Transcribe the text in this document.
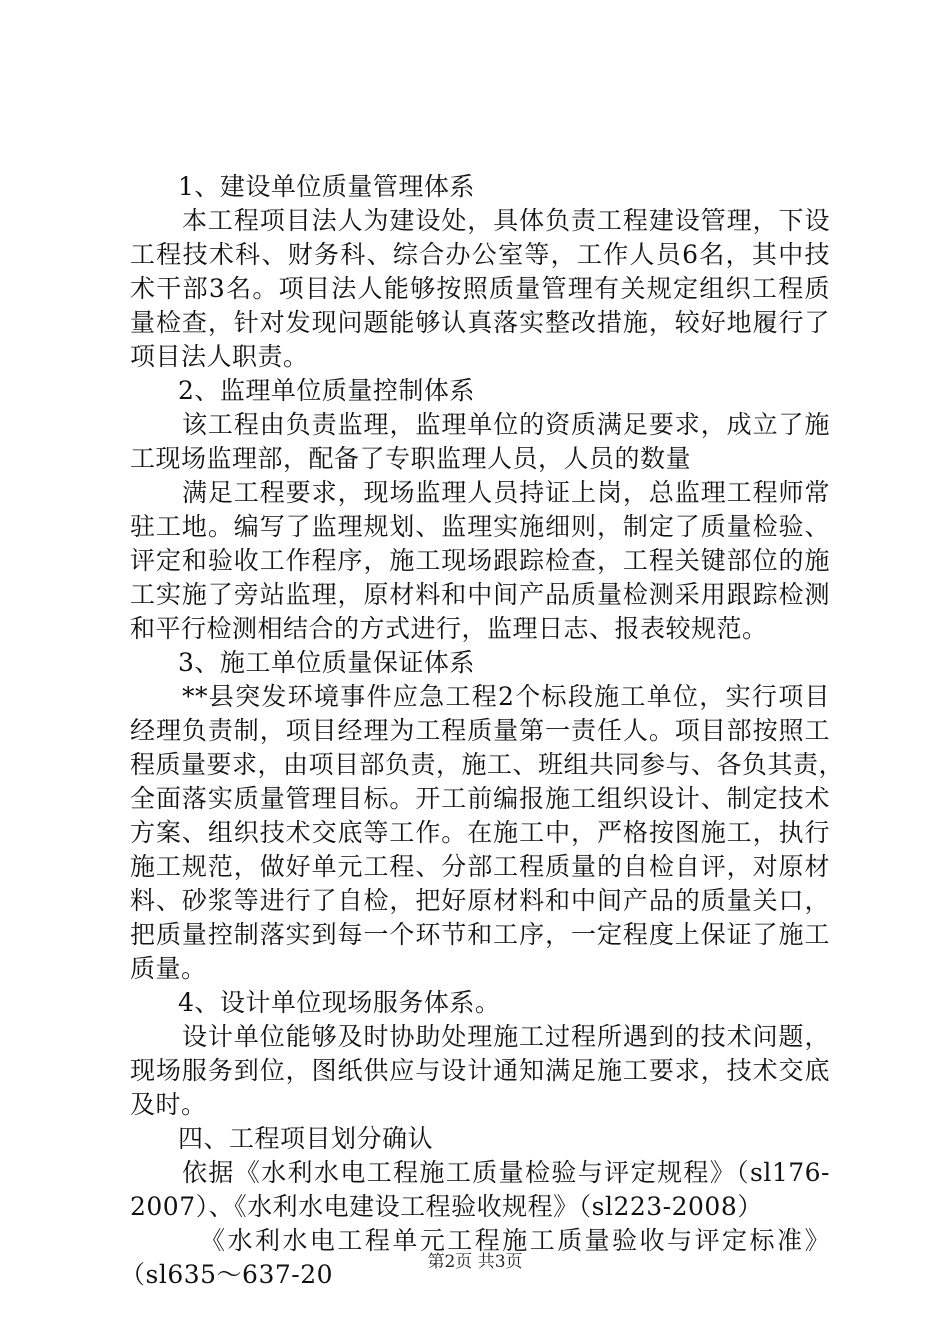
1、建设单位质量管理体系
本工程项目法人为建设处，具体负责工程建设管理，下设
工程技术科、财务科、综合办公室等，工作人员6名，其中技
术干部3名。项目法人能够按照质量管理有关规定组织工程质
量检查，针对发现问题能够认真落实整改措施，较好地履行了
项目法人职责。
2、监理单位质量控制体系
该工程由负责监理，监理单位的资质满足要求，成立了施
工现场监理部，配备了专职监理人员，人员的数量
满足工程要求，现场监理人员持证上岗，总监理工程师常
驻工地。编写了监理规划、监理实施细则，制定了质量检验、
评定和验收工作程序，施工现场跟踪检查，工程关键部位的施
工实施了旁站监理，原材料和中间产品质量检测采用跟踪检测
和平行检测相结合的方式进行，监理日志、报表较规范。
3、施工单位质量保证体系
**县突发环境事件应急工程2个标段施工单位，实行项目
经理负责制，项目经理为工程质量第一责任人。项目部按照工
程质量要求，由项目部负责，施工、班组共同参与、各负其责，
全面落实质量管理目标。开工前编报施工组织设计、制定技术
方案、组织技术交底等工作。在施工中，严格按图施工，执行
施工规范，做好单元工程、分部工程质量的自检自评，对原材
料、砂浆等进行了自检，把好原材料和中间产品的质量关口，
把质量控制落实到每一个环节和工序，一定程度上保证了施工
质量。
4、设计单位现场服务体系。
设计单位能够及时协助处理施工过程所遇到的技术问题，
现场服务到位，图纸供应与设计通知满足施工要求，技术交底
及时。
四、工程项目划分确认
依据《水利水电工程施工质量检验与评定规程》（sl176-
2007）、《水利水电建设工程验收规程》（sl223-2008）
《水利水电工程单元工程施工质量验收与评定标准》
（sl635～637-20	第2页 共3页
